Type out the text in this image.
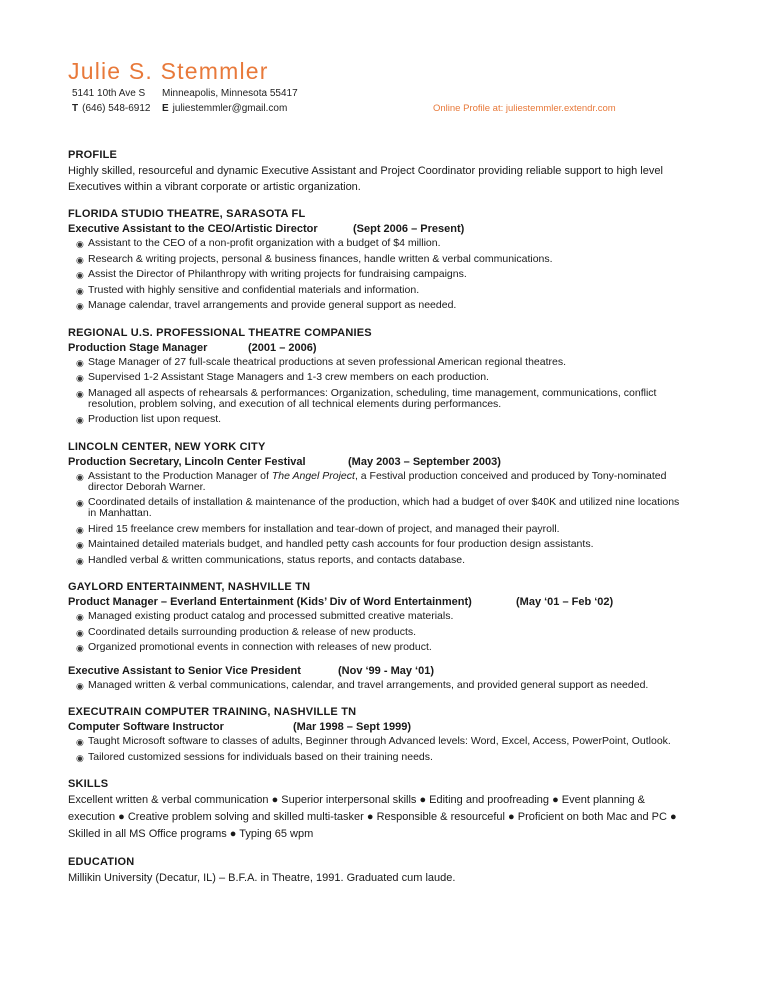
Julie S. Stemmler
5141 10th Ave S Minneapolis, Minnesota 55417
T (646) 548-6912 E juliestemmler@gmail.com	Online Profile at: juliestemmler.extendr.com

PROFILE

Highly skilled, resourceful and dynamic Executive Assistant and Project Coordinator providing reliable support to high level Executives within a vibrant corporate or artistic organization.

FLORIDA STUDIO THEATRE, SARASOTA FL

Executive Assistant to the CEO/Artistic Director	(Sept 2006 – Present)

◉ Assistant to the CEO of a non-profit organization with a budget of $4 million.
◉ Research & writing projects, personal & business finances, handle written & verbal communications.
◉ Assist the Director of Philanthropy with writing projects for fundraising campaigns.
◉ Trusted with highly sensitive and confidential materials and information.
◉ Manage calendar, travel arrangements and provide general support as needed.

REGIONAL U.S. PROFESSIONAL THEATRE COMPANIES

Production Stage Manager	(2001 – 2006)

◉ Stage Manager of 27 full-scale theatrical productions at seven professional American regional theatres.
◉ Supervised 1-2 Assistant Stage Managers and 1-3 crew members on each production.
◉ Managed all aspects of rehearsals & performances: Organization, scheduling, time management, communications, conflict resolution, problem solving, and execution of all technical elements during performances.
◉ Production list upon request.

LINCOLN CENTER, NEW YORK CITY

Production Secretary, Lincoln Center Festival	(May 2003 – September 2003)

◉ Assistant to the Production Manager of The Angel Project, a Festival production conceived and produced by Tony-nominated director Deborah Warner.
◉ Coordinated details of installation & maintenance of the production, which had a budget of over $40K and utilized nine locations in Manhattan.
◉ Hired 15 freelance crew members for installation and tear-down of project, and managed their payroll.
◉ Maintained detailed materials budget, and handled petty cash accounts for four production design assistants.
◉ Handled verbal & written communications, status reports, and contacts database.

GAYLORD ENTERTAINMENT, NASHVILLE TN

Product Manager – Everland Entertainment (Kids’ Div of Word Entertainment)	(May ‘01 – Feb ‘02)

◉ Managed existing product catalog and processed submitted creative materials.
◉ Coordinated details surrounding production & release of new products.
◉ Organized promotional events in connection with releases of new product.

Executive Assistant to Senior Vice President	(Nov ‘99 - May ‘01)

◉ Managed written & verbal communications, calendar, and travel arrangements, and provided general support as needed.

EXECUTRAIN COMPUTER TRAINING, NASHVILLE TN

Computer Software Instructor	(Mar 1998 – Sept 1999)

◉ Taught Microsoft software to classes of adults, Beginner through Advanced levels: Word, Excel, Access, PowerPoint, Outlook.
◉ Tailored customized sessions for individuals based on their training needs.

SKILLS

Excellent written & verbal communication ● Superior interpersonal skills ● Editing and proofreading ● Event planning & execution ● Creative problem solving and skilled multi-tasker ● Responsible & resourceful ● Proficient on both Mac and PC ● Skilled in all MS Office programs ● Typing 65 wpm

EDUCATION

Millikin University (Decatur, IL) – B.F.A. in Theatre, 1991. Graduated cum laude.
